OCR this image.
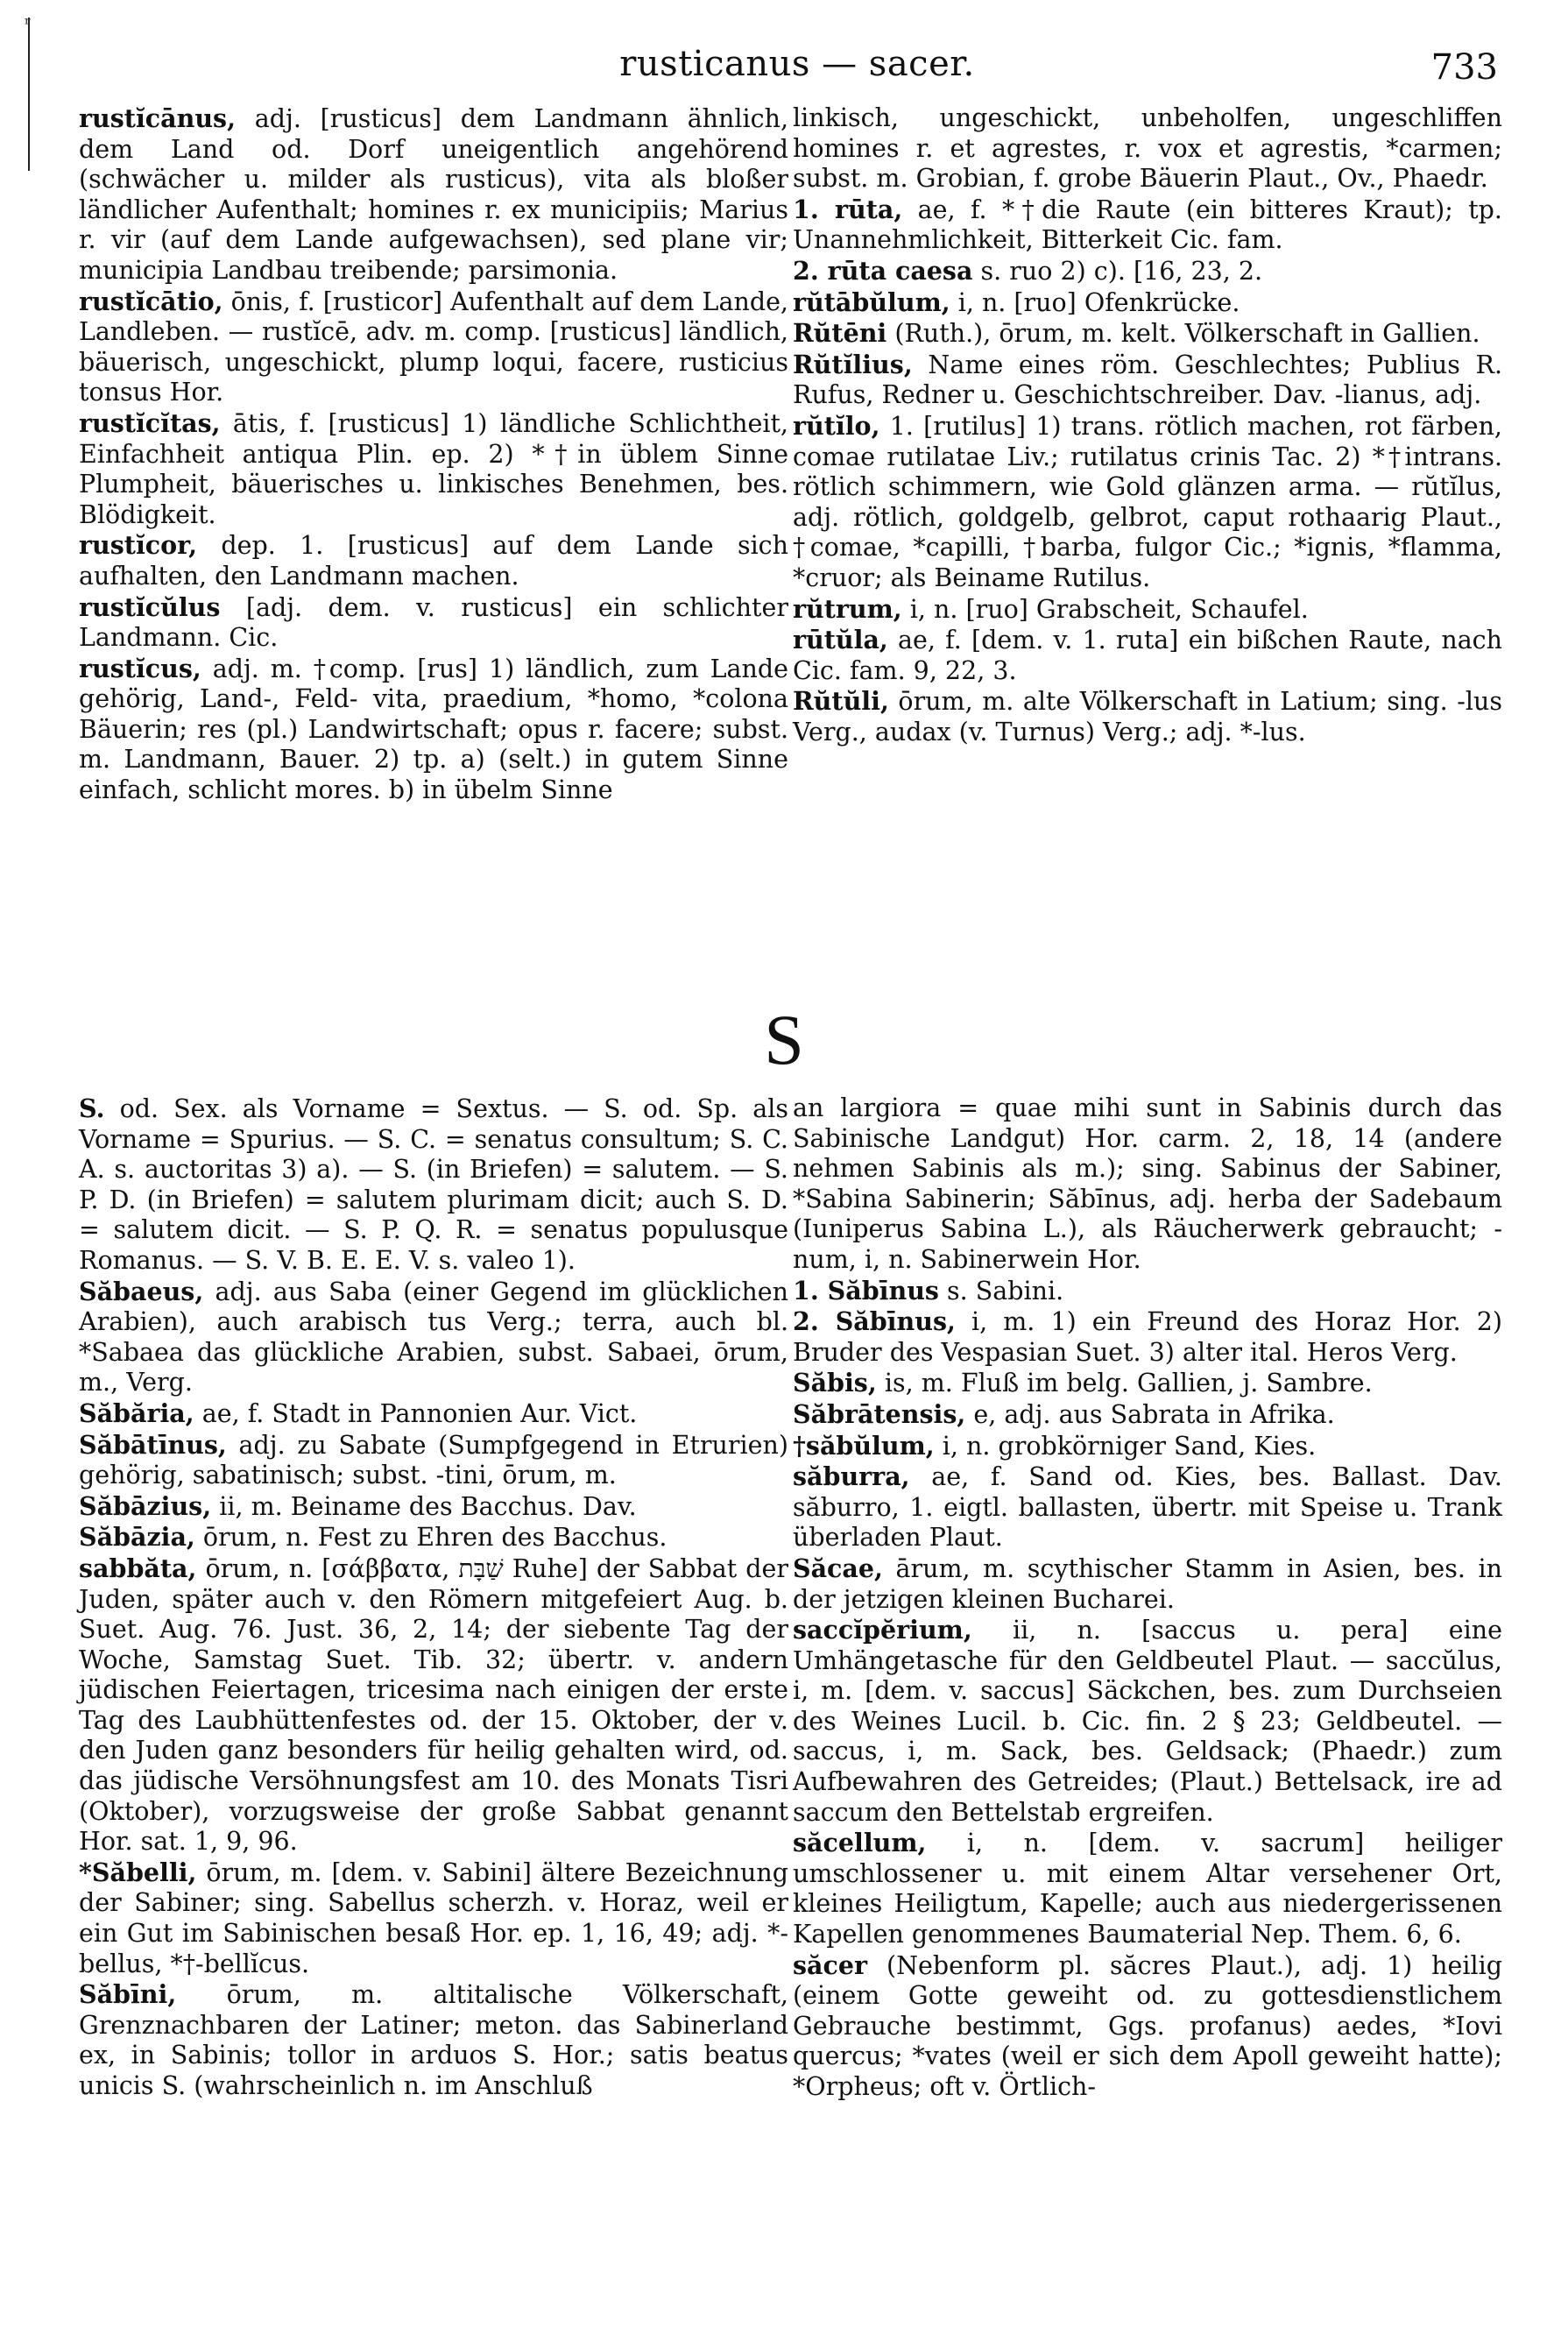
ʳ
rusticanus — sacer.	733

rustĭcānus, adj. [rusticus] dem Landmann ähnlich, dem Land od. Dorf uneigentlich angehörend (schwächer u. milder als rusticus), vita als bloßer ländlicher Aufenthalt; homines r. ex municipiis; Marius r. vir (auf dem Lande aufgewachsen), sed plane vir; municipia Landbau treibende; parsimonia.

rustĭcātio, ōnis, f. [rusticor] Aufenthalt auf dem Lande, Landleben. — rustĭcē, adv. m. comp. [rusticus] ländlich, bäuerisch, ungeschickt, plump loqui, facere, rusticius tonsus Hor.

rustĭcĭtas, ātis, f. [rusticus] 1) ländliche Schlichtheit, Einfachheit antiqua Plin. ep. 2) *†in üblem Sinne Plumpheit, bäuerisches u. linkisches Benehmen, bes. Blödigkeit.

rustĭcor, dep. 1. [rusticus] auf dem Lande sich aufhalten, den Landmann machen.

rustĭcŭlus [adj. dem. v. rusticus] ein schlichter Landmann. Cic.

rustĭcus, adj. m. †comp. [rus] 1) ländlich, zum Lande gehörig, Land-, Feld- vita, praedium, *homo, *colona Bäuerin; res (pl.) Landwirtschaft; opus r. facere; subst. m. Landmann, Bauer. 2) tp. a) (selt.) in gutem Sinne einfach, schlicht mores. b) in übelm Sinne

linkisch, ungeschickt, unbeholfen, ungeschliffen homines r. et agrestes, r. vox et agrestis, *carmen; subst. m. Grobian, f. grobe Bäuerin Plaut., Ov., Phaedr.

1. rūta, ae, f. *†die Raute (ein bitteres Kraut); tp. Unannehmlichkeit, Bitterkeit Cic. fam.

2. rūta caesa s. ruo 2) c). [16, 23, 2.

rŭtābŭlum, i, n. [ruo] Ofenkrücke.

Rŭtēni (Ruth.), ōrum, m. kelt. Völkerschaft in Gallien.

Rŭtĭlius, Name eines röm. Geschlechtes; Publius R. Rufus, Redner u. Geschichtschreiber. Dav. -lianus, adj.

rŭtĭlo, 1. [rutilus] 1) trans. rötlich machen, rot färben, comae rutilatae Liv.; rutilatus crinis Tac. 2) *†intrans. rötlich schimmern, wie Gold glänzen arma. — rŭtĭlus, adj. rötlich, goldgelb, gelbrot, caput rothaarig Plaut., †comae, *capilli, †barba, fulgor Cic.; *ignis, *flamma, *cruor; als Beiname Rutilus.

rŭtrum, i, n. [ruo] Grabscheit, Schaufel.

rūtŭla, ae, f. [dem. v. 1. ruta] ein bißchen Raute, nach Cic. fam. 9, 22, 3.

Rŭtŭli, ōrum, m. alte Völkerschaft in Latium; sing. -lus Verg., audax (v. Turnus) Verg.; adj. *-lus.

S

S. od. Sex. als Vorname = Sextus. — S. od. Sp. als Vorname = Spurius. — S. C. = senatus consultum; S. C. A. s. auctoritas 3) a). — S. (in Briefen) = salutem. — S. P. D. (in Briefen) = salutem plurimam dicit; auch S. D. = salutem dicit. — S. P. Q. R. = senatus populusque Romanus. — S. V. B. E. E. V. s. valeo 1).

Săbaeus, adj. aus Saba (einer Gegend im glücklichen Arabien), auch arabisch tus Verg.; terra, auch bl. *Sabaea das glückliche Arabien, subst. Sabaei, ōrum, m., Verg.

Săbăria, ae, f. Stadt in Pannonien Aur. Vict.

Săbātīnus, adj. zu Sabate (Sumpfgegend in Etrurien) gehörig, sabatinisch; subst. -tini, ōrum, m.

Săbāzius, ii, m. Beiname des Bacchus. Dav.

Săbāzia, ōrum, n. Fest zu Ehren des Bacchus.

sabbăta, ōrum, n. [σάββατα, שַׁבָּת Ruhe] der Sabbat der Juden, später auch v. den Römern mitgefeiert Aug. b. Suet. Aug. 76. Just. 36, 2, 14; der siebente Tag der Woche, Samstag Suet. Tib. 32; übertr. v. andern jüdischen Feiertagen, tricesima nach einigen der erste Tag des Laubhüttenfestes od. der 15. Oktober, der v. den Juden ganz besonders für heilig gehalten wird, od. das jüdische Versöhnungsfest am 10. des Monats Tisri (Oktober), vorzugsweise der große Sabbat genannt Hor. sat. 1, 9, 96.

*Săbelli, ōrum, m. [dem. v. Sabini] ältere Bezeichnung der Sabiner; sing. Sabellus scherzh. v. Horaz, weil er ein Gut im Sabinischen besaß Hor. ep. 1, 16, 49; adj. *-bellus, *†-bellĭcus.

Săbīni, ōrum, m. altitalische Völkerschaft, Grenznachbaren der Latiner; meton. das Sabinerland ex, in Sabinis; tollor in arduos S. Hor.; satis beatus unicis S. (wahrscheinlich n. im Anschluß

an largiora = quae mihi sunt in Sabinis durch das Sabinische Landgut) Hor. carm. 2, 18, 14 (andere nehmen Sabinis als m.); sing. Sabinus der Sabiner, *Sabina Sabinerin; Săbīnus, adj. herba der Sadebaum (Iuniperus Sabina L.), als Räucherwerk gebraucht; -num, i, n. Sabinerwein Hor.

1. Săbīnus s. Sabini.

2. Săbīnus, i, m. 1) ein Freund des Horaz Hor. 2) Bruder des Vespasian Suet. 3) alter ital. Heros Verg.

Săbis, is, m. Fluß im belg. Gallien, j. Sambre.

Săbrātensis, e, adj. aus Sabrata in Afrika.

†săbŭlum, i, n. grobkörniger Sand, Kies.

săburra, ae, f. Sand od. Kies, bes. Ballast. Dav. săburro, 1. eigtl. ballasten, übertr. mit Speise u. Trank überladen Plaut.

Săcae, ārum, m. scythischer Stamm in Asien, bes. in der jetzigen kleinen Bucharei.

saccĭpĕrium, ii, n. [saccus u. pera] eine Umhängetasche für den Geldbeutel Plaut. — saccŭlus, i, m. [dem. v. saccus] Säckchen, bes. zum Durchseien des Weines Lucil. b. Cic. fin. 2 § 23; Geldbeutel. — saccus, i, m. Sack, bes. Geldsack; (Phaedr.) zum Aufbewahren des Getreides; (Plaut.) Bettelsack, ire ad saccum den Bettelstab ergreifen.

săcellum, i, n. [dem. v. sacrum] heiliger umschlossener u. mit einem Altar versehener Ort, kleines Heiligtum, Kapelle; auch aus niedergerissenen Kapellen genommenes Baumaterial Nep. Them. 6, 6.

săcer (Nebenform pl. săcres Plaut.), adj. 1) heilig (einem Gotte geweiht od. zu gottesdienstlichem Gebrauche bestimmt, Ggs. profanus) aedes, *Iovi quercus; *vates (weil er sich dem Apoll geweiht hatte); *Orpheus; oft v. Örtlich-
